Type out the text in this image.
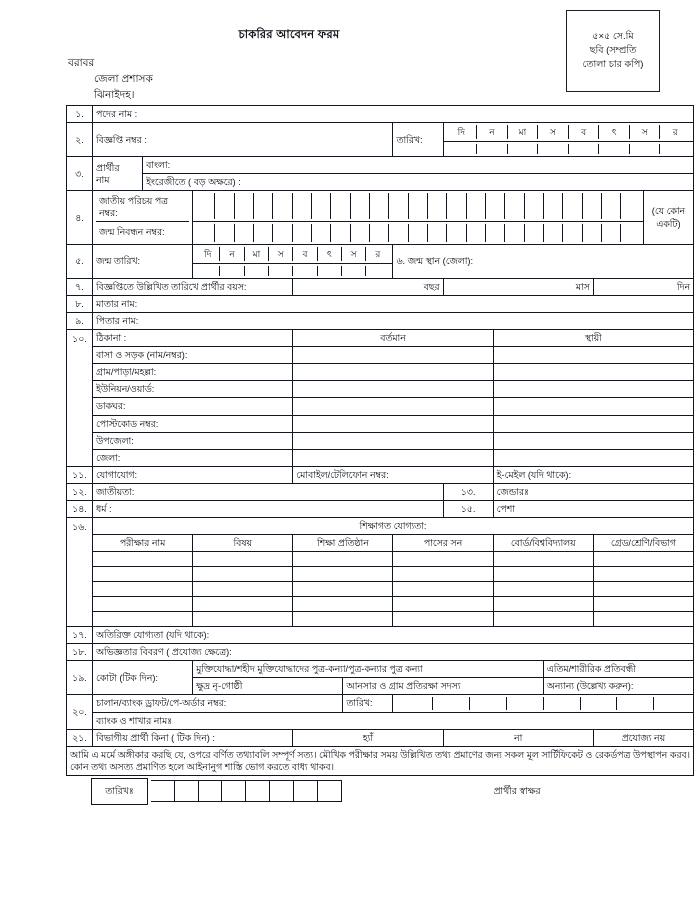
চাকরির আবেদন ফরম	৫×৫ সে.মি
ছবি (সম্প্রতি
তোলা চার কপি)
বরাবর
জেলা প্রশাসক
ঝিনাইদহ।
১.	পদের নাম :
২.	বিজ্ঞপ্তি নম্বর :	তারিখ:	
দি	ন	মা	স	ব	ৎ	স	র

৩.	
প্রার্থীর
নাম
	বাংলা:
ইংরেজীতে ( বড় অক্ষরে) :
৪.	
জাতীয় পরিচয় পত্র
নম্বর:

জন্ম নিবন্ধন নম্বর:

	(যে কোন একটি)

৫.	জন্ম তারিখ:	
দি	ন	মা	স	ব	ৎ	স	র
	৬. জন্ম স্থান (জেলা):

৭.	বিজ্ঞপ্তিতে উল্লিখিত তারিখে প্রার্থীর বয়স:	বছর	মাস	দিন
৮.	মাতার নাম:
৯.	পিতার নাম:
১০.	ঠিকানা :	বর্তমান	স্থায়ী
বাসা ও সড়ক (নাম/নম্বর):		
গ্রাম/পাড়া/মহল্লা:		
ইউনিয়ন/ওয়ার্ড:		
ডাকঘর:		
পোস্টকোড নম্বর:		
উপজেলা:		
জেলা:		
১১.	যোগাযোগ:	মোবাইল/টেলিফোন নম্বর:	ই-মেইল (যদি থাকে):
১২.	জাতীয়তা:	১৩.	জেন্ডারঃ
১৪.	ধর্ম :	১৫.	পেশা
১৬.	শিক্ষাগত যোগ্যতা:
পরীক্ষার নাম	বিষয়	শিক্ষা প্রতিষ্ঠান	পাসের সন	বোর্ড/বিশ্ববিদ্যালয়	গ্রেড/শ্রেণি/বিভাগ

১৭.	অতিরিক্ত যোগ্যতা (যদি থাকে):
১৮.	অভিজ্ঞতার বিবরণ ( প্রযোজ্য ক্ষেত্রে):
১৯.	কোটা (টিক দিন):	মুক্তিযোদ্ধা/শহীদ মুক্তিযোদ্ধাদের পুত্র-কন্যা/পুত্র-কন্যার পুত্র কন্যা	এতিম/শারীরিক প্রতিবন্ধী
ক্ষুদ্র নৃ-গোষ্ঠী	আনসার ও গ্রাম প্রতিরক্ষা সদস্য	অন্যান্য (উল্লেখ্য করুন):
২০.	চালান/ব্যাংক ড্রাফট/পে-অর্ডার নম্বর:	তারিখ:	

ব্যাংক ও শাখার নামঃ
২১.	বিভাগীয় প্রার্থী কিনা ( টিক দিন) :	হ্যাঁ	না	প্রযোজ্য নয়
আমি এ মর্মে অঙ্গীকার করছি যে, ওপরে বর্ণিত তথ্যাবলি সম্পূর্ণ সত্য। মৌখিক পরীক্ষার সময় উল্লিখিত তথ্য প্রমাণের জন্য সকল মূল সার্টিফিকেট ও রেকর্ডপত্র উপস্থাপন করব। কোন তথ্য অসত্য প্রমাণিত হলে আইনানুগ শাস্তি ভোগ করতে বাধ্য থাকব।

	তারিখঃ		প্রার্থীর স্বাক্ষর
